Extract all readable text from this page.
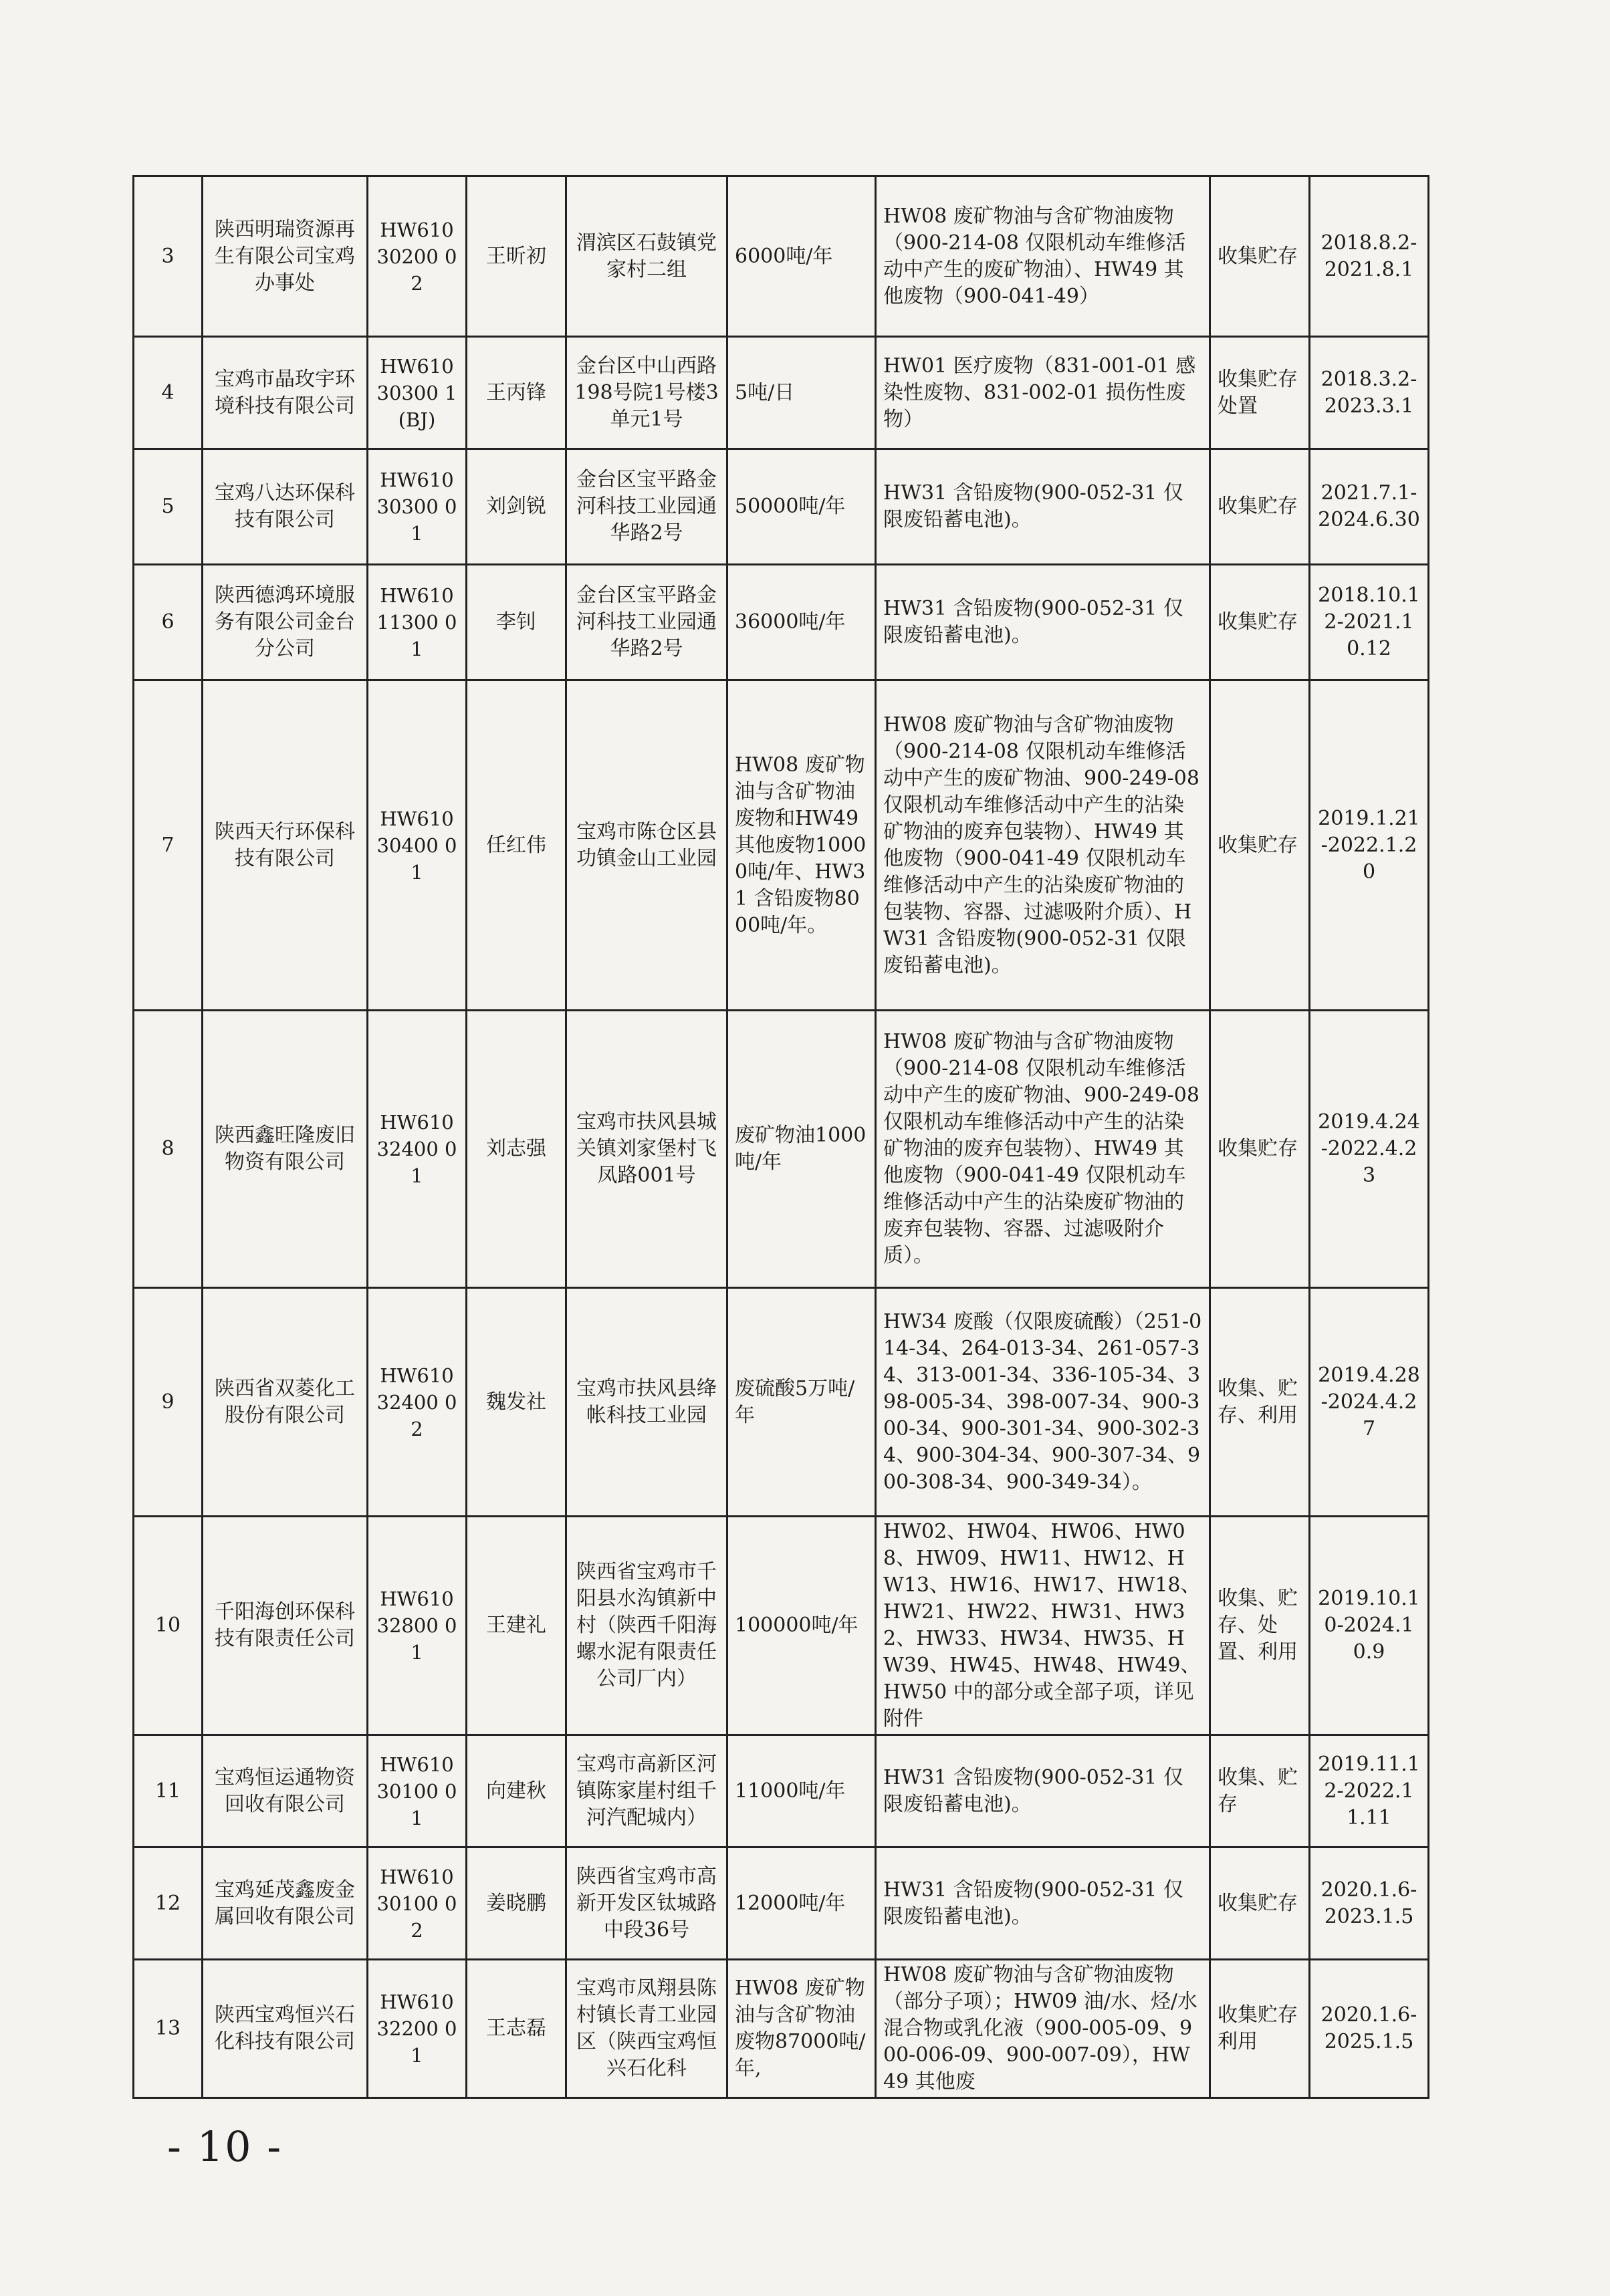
3	陕西明瑞资源再生有限公司宝鸡办事处	HW61030200 02	王昕初	渭滨区石鼓镇党家村二组	6000吨/年	HW08 废矿物油与含矿物油废物（900-214-08 仅限机动车维修活动中产生的废矿物油）、HW49 其他废物（900-041-49）	收集贮存	2018.8.2-2021.8.1
4	宝鸡市晶玫宇环境科技有限公司	HW61030300 1(BJ)	王丙锋	金台区中山西路198号院1号楼3单元1号	5吨/日	HW01 医疗废物（831-001-01 感染性废物、831-002-01 损伤性废物）	收集贮存处置	2018.3.2-2023.3.1
5	宝鸡八达环保科技有限公司	HW61030300 01	刘剑锐	金台区宝平路金河科技工业园通华路2号	50000吨/年	HW31 含铅废物(900-052-31 仅限废铅蓄电池)。	收集贮存	2021.7.1-2024.6.30
6	陕西德鸿环境服务有限公司金台分公司	HW61011300 01	李钊	金台区宝平路金河科技工业园通华路2号	36000吨/年	HW31 含铅废物(900-052-31 仅限废铅蓄电池)。	收集贮存	2018.10.12-2021.10.12
7	陕西天行环保科技有限公司	HW61030400 01	任红伟	宝鸡市陈仓区县功镇金山工业园	HW08 废矿物油与含矿物油废物和HW49 其他废物10000吨/年、HW31 含铅废物8000吨/年。	HW08 废矿物油与含矿物油废物（900-214-08 仅限机动车维修活动中产生的废矿物油、900-249-08 仅限机动车维修活动中产生的沾染矿物油的废弃包装物）、HW49 其他废物（900-041-49 仅限机动车维修活动中产生的沾染废矿物油的包装物、容器、过滤吸附介质）、HW31 含铅废物(900-052-31 仅限废铅蓄电池)。	收集贮存	2019.1.21-2022.1.20
8	陕西鑫旺隆废旧物资有限公司	HW61032400 01	刘志强	宝鸡市扶风县城关镇刘家堡村飞凤路001号	废矿物油1000吨/年	HW08 废矿物油与含矿物油废物（900-214-08 仅限机动车维修活动中产生的废矿物油、900-249-08 仅限机动车维修活动中产生的沾染矿物油的废弃包装物）、HW49 其他废物（900-041-49 仅限机动车维修活动中产生的沾染废矿物油的废弃包装物、容器、过滤吸附介质）。	收集贮存	2019.4.24-2022.4.23
9	陕西省双菱化工股份有限公司	HW61032400 02	魏发社	宝鸡市扶风县绛帐科技工业园	废硫酸5万吨/年	HW34 废酸（仅限废硫酸）（251-014-34、264-013-34、261-057-34、313-001-34、336-105-34、398-005-34、398-007-34、900-300-34、900-301-34、900-302-34、900-304-34、900-307-34、900-308-34、900-349-34）。	收集、贮存、利用	2019.4.28-2024.4.27
10	千阳海创环保科技有限责任公司	HW61032800 01	王建礼	陕西省宝鸡市千阳县水沟镇新中村（陕西千阳海螺水泥有限责任公司厂内）	100000吨/年	HW02、HW04、HW06、HW08、HW09、HW11、HW12、HW13、HW16、HW17、HW18、HW21、HW22、HW31、HW32、HW33、HW34、HW35、HW39、HW45、HW48、HW49、HW50 中的部分或全部子项，详见附件	收集、贮存、处置、利用	2019.10.10-2024.10.9
11	宝鸡恒运通物资回收有限公司	HW61030100 01	向建秋	宝鸡市高新区河镇陈家崖村组千河汽配城内）	11000吨/年	HW31 含铅废物(900-052-31 仅限废铅蓄电池)。	收集、贮存	2019.11.12-2022.11.11
12	宝鸡延茂鑫废金属回收有限公司	HW61030100 02	姜晓鹏	陕西省宝鸡市高新开发区钛城路中段36号	12000吨/年	HW31 含铅废物(900-052-31 仅限废铅蓄电池)。	收集贮存	2020.1.6-2023.1.5
13	陕西宝鸡恒兴石化科技有限公司	HW61032200 01	王志磊	宝鸡市凤翔县陈村镇长青工业园区（陕西宝鸡恒兴石化科	HW08 废矿物油与含矿物油废物87000吨/年,	HW08 废矿物油与含矿物油废物（部分子项）；HW09 油/水、烃/水混合物或乳化液（900-005-09、900-006-09、900-007-09），HW49 其他废	收集贮存利用	2020.1.6-2025.1.5
- 10 -
